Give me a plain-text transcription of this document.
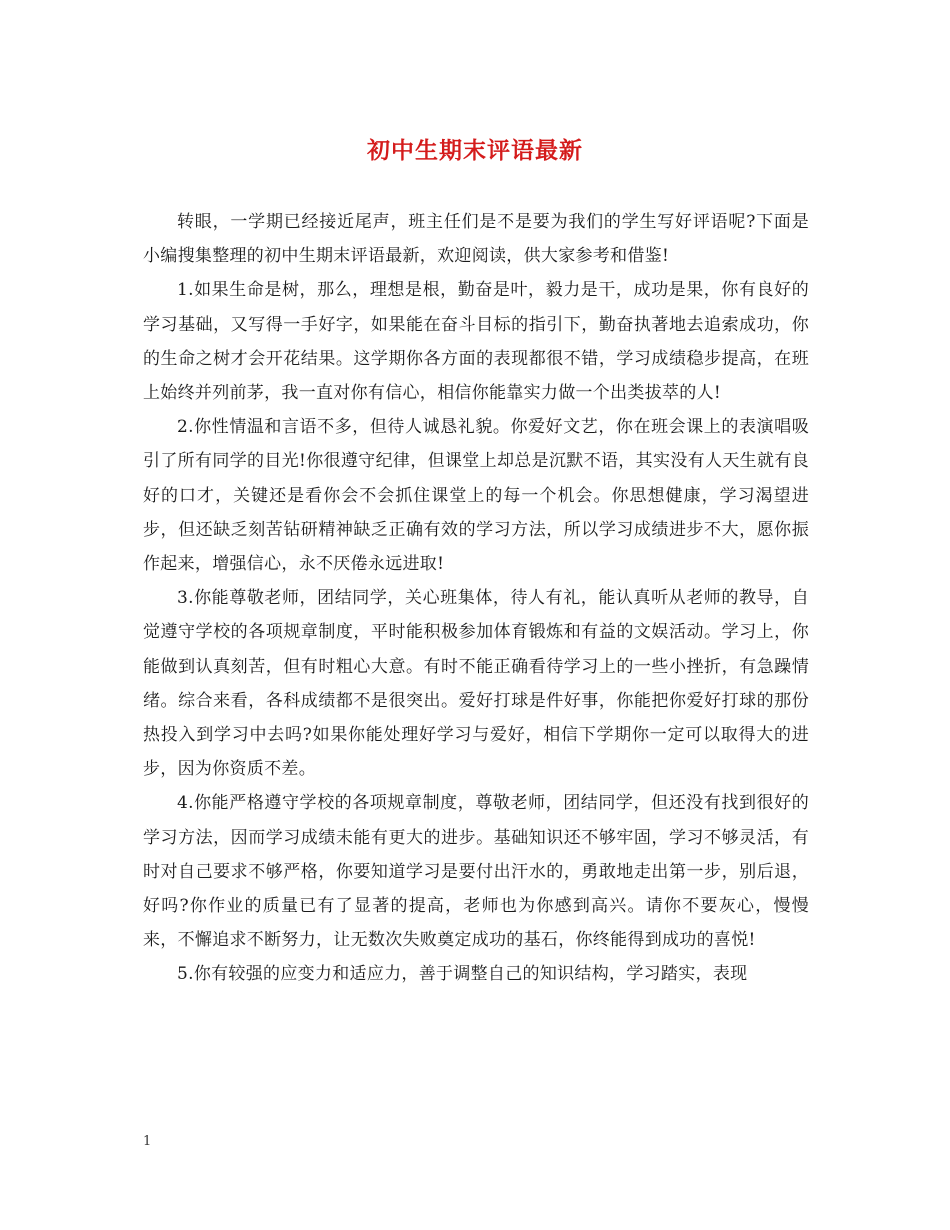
初中生期末评语最新

转眼，一学期已经接近尾声，班主任们是不是要为我们的学生写好评语呢?下面是小编搜集整理的初中生期末评语最新，欢迎阅读，供大家参考和借鉴!

1.如果生命是树，那么，理想是根，勤奋是叶，毅力是干，成功是果，你有良好的学习基础，又写得一手好字，如果能在奋斗目标的指引下，勤奋执著地去追索成功，你的生命之树才会开花结果。这学期你各方面的表现都很不错，学习成绩稳步提高，在班上始终并列前茅，我一直对你有信心，相信你能靠实力做一个出类拔萃的人!

2.你性情温和言语不多，但待人诚恳礼貌。你爱好文艺，你在班会课上的表演唱吸引了所有同学的目光!你很遵守纪律，但课堂上却总是沉默不语，其实没有人天生就有良好的口才，关键还是看你会不会抓住课堂上的每一个机会。你思想健康，学习渴望进步，但还缺乏刻苦钻研精神缺乏正确有效的学习方法，所以学习成绩进步不大，愿你振作起来，增强信心，永不厌倦永远进取!

3.你能尊敬老师，团结同学，关心班集体，待人有礼，能认真听从老师的教导，自觉遵守学校的各项规章制度，平时能积极参加体育锻炼和有益的文娱活动。学习上，你能做到认真刻苦，但有时粗心大意。有时不能正确看待学习上的一些小挫折，有急躁情绪。综合来看，各科成绩都不是很突出。爱好打球是件好事，你能把你爱好打球的那份热投入到学习中去吗?如果你能处理好学习与爱好，相信下学期你一定可以取得大的进步，因为你资质不差。

4.你能严格遵守学校的各项规章制度，尊敬老师，团结同学，但还没有找到很好的学习方法，因而学习成绩未能有更大的进步。基础知识还不够牢固，学习不够灵活，有时对自己要求不够严格，你要知道学习是要付出汗水的，勇敢地走出第一步，别后退，好吗?你作业的质量已有了显著的提高，老师也为你感到高兴。请你不要灰心，慢慢来，不懈追求不断努力，让无数次失败奠定成功的基石，你终能得到成功的喜悦!

5.你有较强的应变力和适应力，善于调整自己的知识结构，学习踏实，表现

1
